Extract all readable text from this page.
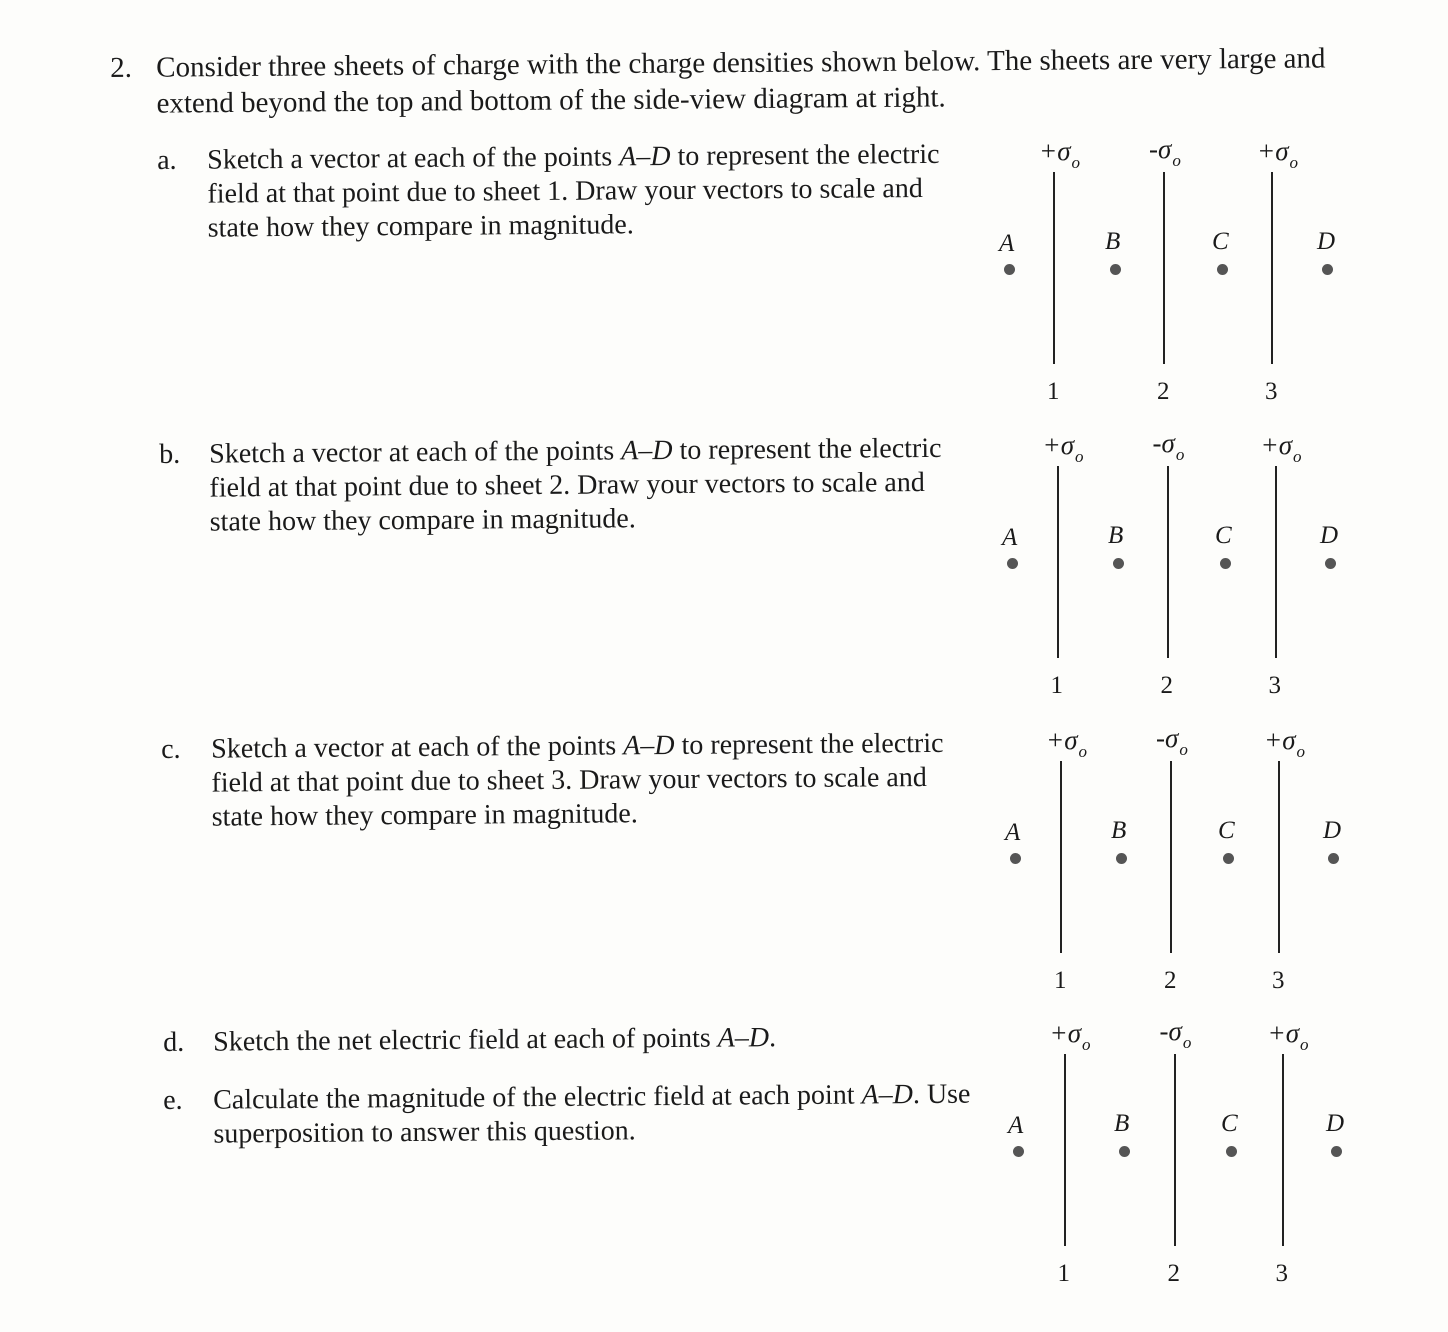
2. Consider three sheets of charge with the charge densities shown below. The sheets are very large and extend beyond the top and bottom of the side-view diagram at right.
a. Sketch a vector at each of the points A–D to represent the electric field at that point due to sheet 1. Draw your vectors to scale and state how they compare in magnitude.

b. Sketch a vector at each of the points A–D to represent the electric field at that point due to sheet 2. Draw your vectors to scale and state how they compare in magnitude.

c. Sketch a vector at each of the points A–D to represent the electric field at that point due to sheet 3. Draw your vectors to scale and state how they compare in magnitude.

d. Sketch the net electric field at each of points A–D.

e. Calculate the magnitude of the electric field at each point A–D. Use superposition to answer this question.

$+\sigma_o$
1
$-\sigma_o$
2
$+\sigma_o$
3
A	B	C	D
$+\sigma_o$
1
$-\sigma_o$
2
$+\sigma_o$
3
A	B	C	D
$+\sigma_o$
1
$-\sigma_o$
2
$+\sigma_o$
3
A	B	C	D
$+\sigma_o$
1
$-\sigma_o$
2
$+\sigma_o$
3
A	B	C	D
